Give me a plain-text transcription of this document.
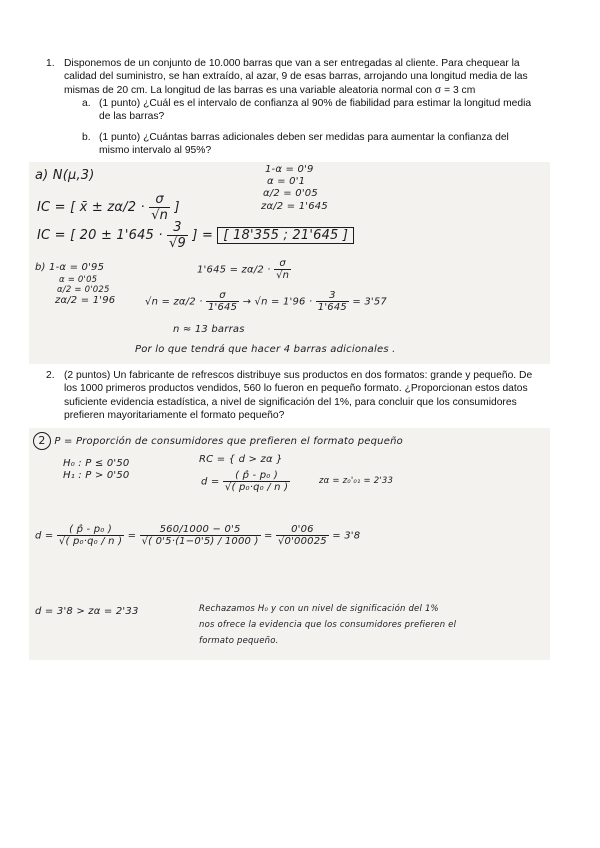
1. Disponemos de un conjunto de 10.000 barras que van a ser entregadas al cliente. Para chequear la

calidad del suministro, se han extraído, al azar, 9 de esas barras, arrojando una longitud media de las

mismas de 20 cm. La longitud de las barras es una variable aleatoria normal con σ = 3 cm

a. (1 punto) ¿Cuál es el intervalo de confianza al 90% de fiabilidad para estimar la longitud media

de las barras?

b. (1 punto) ¿Cuántas barras adicionales deben ser medidas para aumentar la confianza del

mismo intervalo al 95%?

a) N(μ,3)	1-α = 0'9
α = 0'1
α/2 = 0'05
zα/2 = 1'645
IC = [ x̄ ± $z\alpha/2 \cdot \frac{\sigma}{√n}$ ]
IC = [ $20 \pm 1'645 \cdot \frac{3}{√9}$ ] = [ 18'355 ; 21'645 ]
b) 1-α = 0'95
α = 0'05
α/2 = 0'025
zα/2 = 1'96
$1'645 = z\alpha/2 \cdot \frac{\sigma}{√n}$
$√n = z\alpha/2 \cdot \frac{\sigma}{1'645} \to √n = 1'96 \cdot \frac{3}{1'645} = 3'57$
n ≈ 13 barras
Por lo que tendrá que hacer 4 barras adicionales .
2. (2 puntos) Un fabricante de refrescos distribuye sus productos en dos formatos: grande y pequeño. De

los 1000 primeros productos vendidos, 560 lo fueron en pequeño formato. ¿Proporcionan estos datos

suficiente evidencia estadística, a nivel de significación del 1%, para concluir que los consumidores

prefieren mayoritariamente el formato pequeño?

2 P = Proporción de consumidores que prefieren el formato pequeño
H₀ : P ≤ 0'50
H₁ : P > 0'50
RC = { d > zα }
$d = \frac{\text{( p̂ - p₀ )}}{\text{√( p₀·q₀ / n )}}$	zα = z₀'₀₁ = 2'33
$d = \frac{\text{( p̂ - p₀ )}}{\text{√( p₀·q₀ / n )}} = \frac{560/1000 - 0'5}{√( 0'5\cdot(1-0'5) / 1000 )} = \frac{0'06}{√0'00025} = 3'8$
d = 3'8 > zα = 2'33	Rechazamos H₀ y con un nivel de significación del 1%
nos ofrece la evidencia que los consumidores prefieren el
formato pequeño.
